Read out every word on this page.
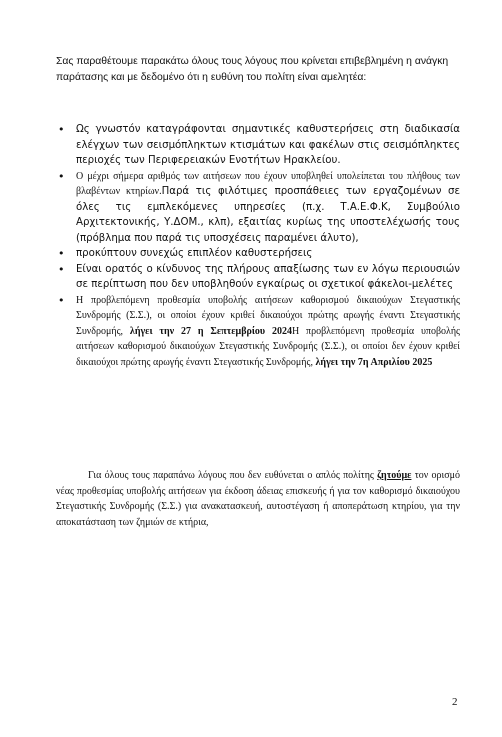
Σας παραθέτουμε παρακάτω όλους τους λόγους που κρίνεται επιβεβλημένη η ανάγκη παράτασης και με δεδομένο ότι η ευθύνη του πολίτη είναι αμελητέα:

• Ως γνωστόν καταγράφονται σημαντικές καθυστερήσεις στη διαδικασία ελέγχων των σεισμόπληκτων κτισμάτων και φακέλων στις σεισμόπληκτες περιοχές των Περιφερειακών Ενοτήτων Ηρακλείου.
• Ο μέχρι σήμερα αριθμός των αιτήσεων που έχουν υποβληθεί υπολείπεται του πλήθους των βλαβέντων κτηρίων.Παρά τις φιλότιμες προσπάθειες των εργαζομένων σε όλες τις εμπλεκόμενες υπηρεσίες (π.χ. Τ.Α.Ε.Φ.Κ, Συμβούλιο Αρχιτεκτονικής, Υ.ΔΟΜ., κλπ), εξαιτίας κυρίως της υποστελέχωσής τους (πρόβλημα που παρά τις υποσχέσεις παραμένει άλυτο),
• προκύπτουν συνεχώς επιπλέον καθυστερήσεις
• Είναι ορατός ο κίνδυνος της πλήρους απαξίωσης των εν λόγω περιουσιών σε περίπτωση που δεν υποβληθούν εγκαίρως οι σχετικοί φάκελοι-μελέτες
• Η προβλεπόμενη προθεσμία υποβολής αιτήσεων καθορισμού δικαιούχων Στεγαστικής Συνδρομής (Σ.Σ.), οι οποίοι έχουν κριθεί δικαιούχοι πρώτης αρωγής έναντι Στεγαστικής Συνδρομής, λήγει την 27 η Σεπτεμβρίου 2024Η προβλεπόμενη προθεσμία υποβολής αιτήσεων καθορισμού δικαιούχων Στεγαστικής Συνδρομής (Σ.Σ.), οι οποίοι δεν έχουν κριθεί δικαιούχοι πρώτης αρωγής έναντι Στεγαστικής Συνδρομής, λήγει την 7η Απριλίου 2025

Για όλους τους παραπάνω λόγους που δεν ευθύνεται ο απλός πολίτης ζητούμε τον ορισμό νέας προθεσμίας υποβολής αιτήσεων για έκδοση άδειας επισκευής ή για τον καθορισμό δικαιούχου Στεγαστικής Συνδρομής (Σ.Σ.) για ανακατασκευή, αυτοστέγαση ή αποπεράτωση κτηρίου, για την αποκατάσταση των ζημιών σε κτήρια,

2
